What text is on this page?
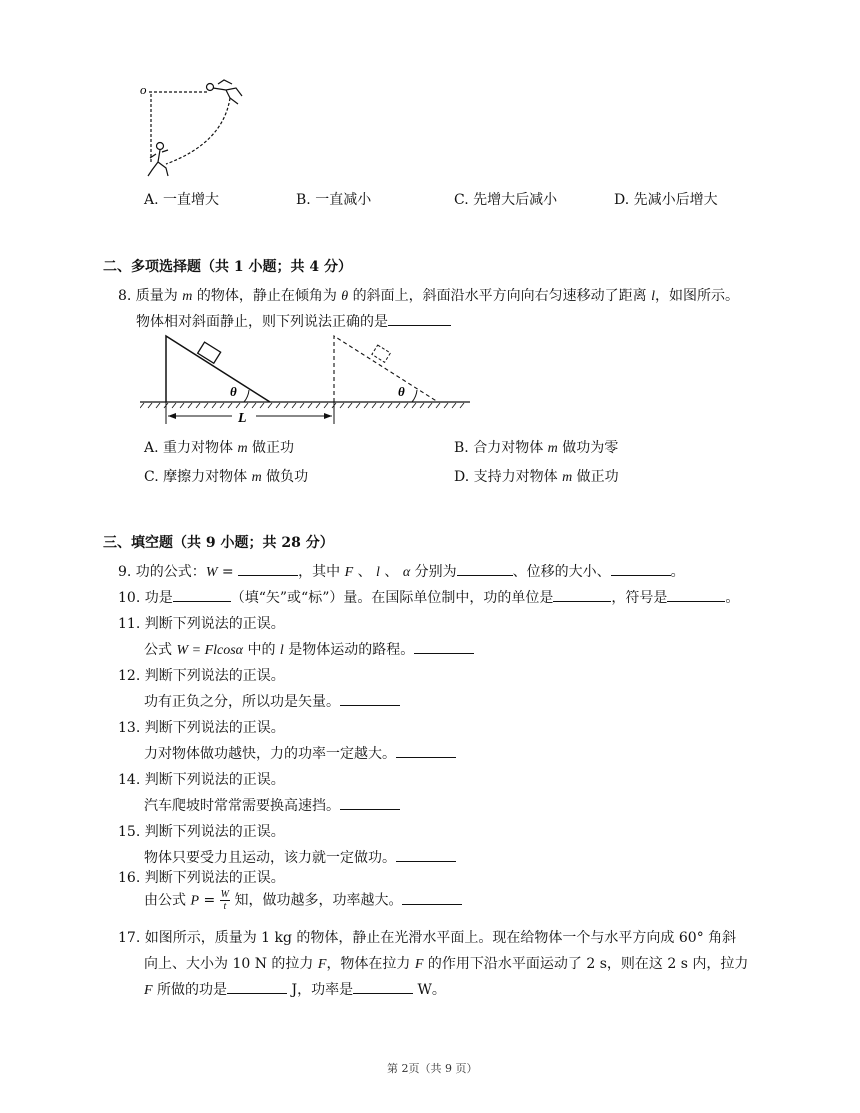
o
A. 一直增大	B. 一直减小	C. 先增大后减小	D. 先减小后增大
二、多项选择题（共 1 小题；共 4 分）
8. 质量为 m 的物体，静止在倾角为 θ 的斜面上，斜面沿水平方向向右匀速移动了距离 l，如图所示。
物体相对斜面静止，则下列说法正确的是
θ	θ
L
A. 重力对物体 m 做正功	B. 合力对物体 m 做功为零
C. 摩擦力对物体 m 做负功	D. 支持力对物体 m 做正功
三、填空题（共 9 小题；共 28 分）
9. 功的公式：W =	，其中 F 、 l 、 α 分别为	、位移的大小、	。
10. 功是	（填“矢”或“标”）量。在国际单位制中，功的单位是	，符号是	。
11. 判断下列说法的正误。
公式 W = Flcosα 中的 l 是物体运动的路程。
12. 判断下列说法的正误。
功有正负之分，所以功是矢量。
13. 判断下列说法的正误。
力对物体做功越快，力的功率一定越大。
14. 判断下列说法的正误。
汽车爬坡时常常需要换高速挡。
15. 判断下列说法的正误。
物体只要受力且运动，该力就一定做功。
16. 判断下列说法的正误。
由公式 $P = \frac{W}{t}$ 知，做功越多，功率越大。
17. 如图所示，质量为 1 kg 的物体，静止在光滑水平面上。现在给物体一个与水平方向成 60° 角斜
向上、大小为 10 N 的拉力 F，物体在拉力 F 的作用下沿水平面运动了 2 s，则在这 2 s 内，拉力
F 所做的功是	J，功率是	W。
第 2页（共 9 页）
